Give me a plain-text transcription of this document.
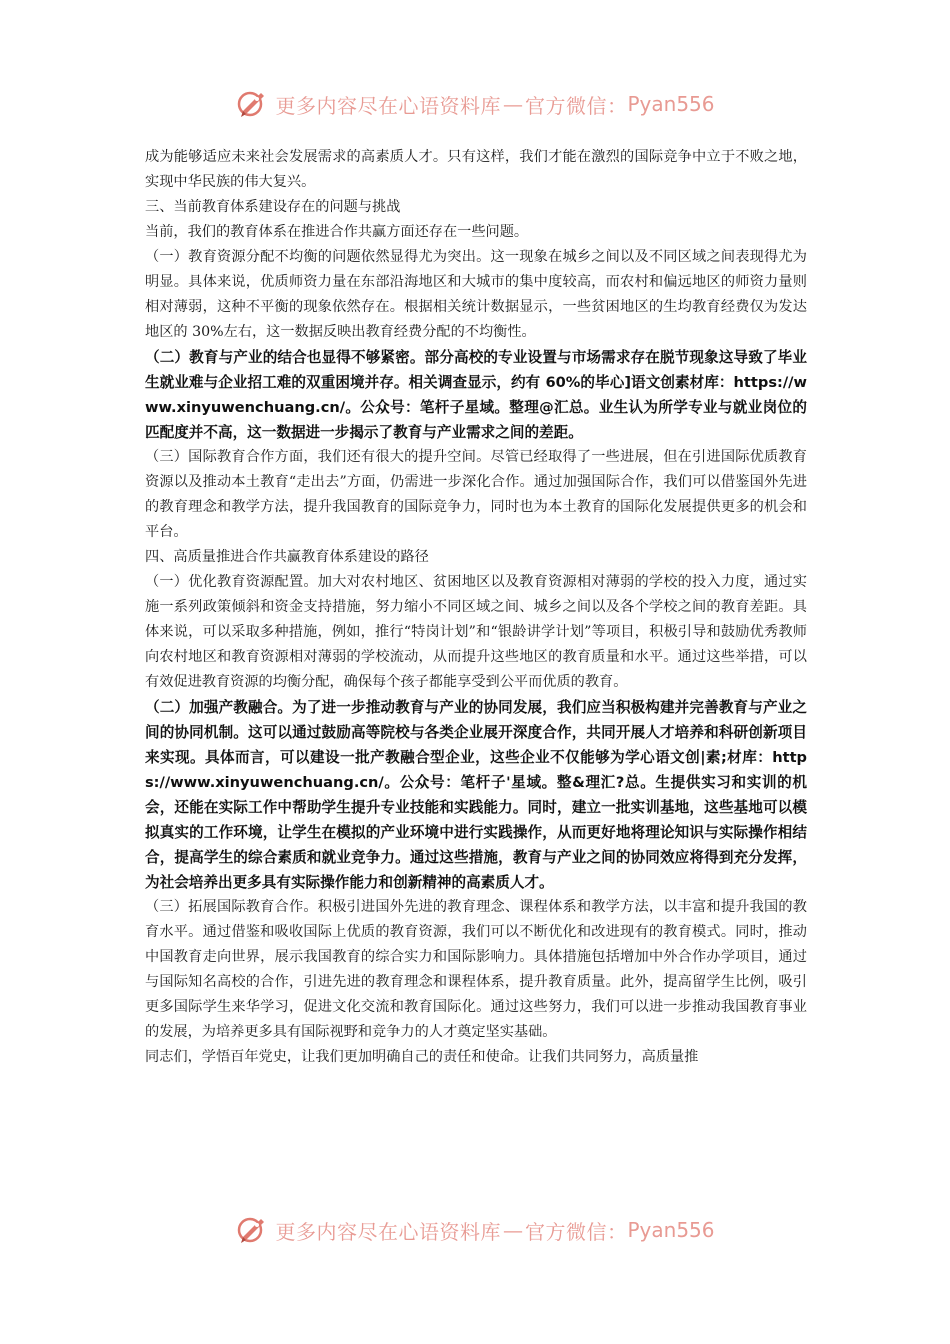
更多内容尽在心语资料库 — 官方微信： Pyan556

成为能够适应未来社会发展需求的高素质人才。只有这样，我们才能在激烈的国际竞争中立于不败之地，实现中华民族的伟大复兴。

三、当前教育体系建设存在的问题与挑战

当前，我们的教育体系在推进合作共赢方面还存在一些问题。

（一）教育资源分配不均衡的问题依然显得尤为突出。这一现象在城乡之间以及不同区域之间表现得尤为明显。具体来说，优质师资力量在东部沿海地区和大城市的集中度较高，而农村和偏远地区的师资力量则相对薄弱，这种不平衡的现象依然存在。根据相关统计数据显示，一些贫困地区的生均教育经费仅为发达地区的 30%左右，这一数据反映出教育经费分配的不均衡性。

（二）教育与产业的结合也显得不够紧密。部分高校的专业设置与市场需求存在脱节现象这导致了毕业生就业难与企业招工难的双重困境并存。相关调查显示，约有 60%的毕心]语文创素材库：https://www.xinyuwenchuang.cn/。公众号：笔杆子星域。整理@汇总。业生认为所学专业与就业岗位的匹配度并不高，这一数据进一步揭示了教育与产业需求之间的差距。

（三）国际教育合作方面，我们还有很大的提升空间。尽管已经取得了一些进展，但在引进国际优质教育资源以及推动本土教育“走出去”方面，仍需进一步深化合作。通过加强国际合作，我们可以借鉴国外先进的教育理念和教学方法，提升我国教育的国际竞争力，同时也为本土教育的国际化发展提供更多的机会和平台。

四、高质量推进合作共赢教育体系建设的路径

（一）优化教育资源配置。加大对农村地区、贫困地区以及教育资源相对薄弱的学校的投入力度，通过实施一系列政策倾斜和资金支持措施，努力缩小不同区域之间、城乡之间以及各个学校之间的教育差距。具体来说，可以采取多种措施，例如，推行“特岗计划”和“银龄讲学计划”等项目，积极引导和鼓励优秀教师向农村地区和教育资源相对薄弱的学校流动，从而提升这些地区的教育质量和水平。通过这些举措，可以有效促进教育资源的均衡分配，确保每个孩子都能享受到公平而优质的教育。

（二）加强产教融合。为了进一步推动教育与产业的协同发展，我们应当积极构建并完善教育与产业之间的协同机制。这可以通过鼓励高等院校与各类企业展开深度合作，共同开展人才培养和科研创新项目来实现。具体而言，可以建设一批产教融合型企业，这些企业不仅能够为学心语文创|素;材库：https://www.xinyuwenchuang.cn/。公众号：笔杆子'星域。整&理汇?总。生提供实习和实训的机会，还能在实际工作中帮助学生提升专业技能和实践能力。同时，建立一批实训基地，这些基地可以模拟真实的工作环境，让学生在模拟的产业环境中进行实践操作，从而更好地将理论知识与实际操作相结合，提高学生的综合素质和就业竞争力。通过这些措施，教育与产业之间的协同效应将得到充分发挥，为社会培养出更多具有实际操作能力和创新精神的高素质人才。

（三）拓展国际教育合作。积极引进国外先进的教育理念、课程体系和教学方法，以丰富和提升我国的教育水平。通过借鉴和吸收国际上优质的教育资源，我们可以不断优化和改进现有的教育模式。同时，推动中国教育走向世界，展示我国教育的综合实力和国际影响力。具体措施包括增加中外合作办学项目，通过与国际知名高校的合作，引进先进的教育理念和课程体系，提升教育质量。此外，提高留学生比例，吸引更多国际学生来华学习，促进文化交流和教育国际化。通过这些努力，我们可以进一步推动我国教育事业的发展，为培养更多具有国际视野和竞争力的人才奠定坚实基础。

同志们，学悟百年党史，让我们更加明确自己的责任和使命。让我们共同努力，高质量推

更多内容尽在心语资料库 — 官方微信： Pyan556
